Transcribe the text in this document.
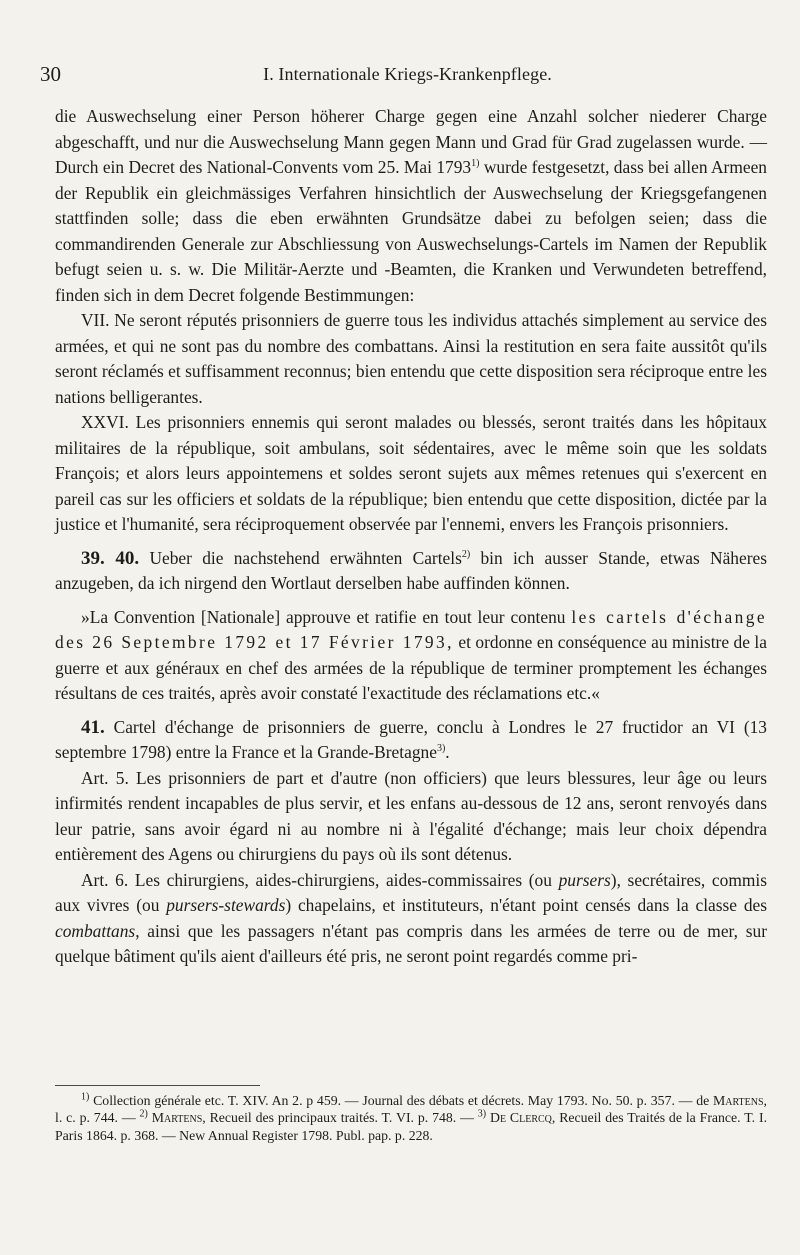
30	I. Internationale Kriegs-Krankenpflege.

die Auswechselung einer Person höherer Charge gegen eine Anzahl solcher niederer Charge abgeschafft, und nur die Auswechselung Mann gegen Mann und Grad für Grad zugelassen wurde. — Durch ein Decret des National-Convents vom 25. Mai 1793$^{1)}$ wurde festgesetzt, dass bei allen Armeen der Republik ein gleichmässiges Verfahren hinsichtlich der Auswechselung der Kriegsgefangenen stattfinden solle; dass die eben erwähnten Grundsätze dabei zu befolgen seien; dass die commandirenden Generale zur Abschliessung von Auswechselungs-Cartels im Namen der Republik befugt seien u. s. w. Die Militär-Aerzte und -Beamten, die Kranken und Verwundeten betreffend, finden sich in dem Decret folgende Bestimmungen:

VII. Ne seront réputés prisonniers de guerre tous les individus attachés simplement au service des armées, et qui ne sont pas du nombre des combattans. Ainsi la restitution en sera faite aussitôt qu'ils seront réclamés et suffisamment reconnus; bien entendu que cette disposition sera réciproque entre les nations belligerantes.

XXVI. Les prisonniers ennemis qui seront malades ou blessés, seront traités dans les hôpitaux militaires de la république, soit ambulans, soit sédentaires, avec le même soin que les soldats François; et alors leurs appointemens et soldes seront sujets aux mêmes retenues qui s'exercent en pareil cas sur les officiers et soldats de la république; bien entendu que cette disposition, dictée par la justice et l'humanité, sera réciproquement observée par l'ennemi, envers les François prisonniers.

39. 40. Ueber die nachstehend erwähnten Cartels$^{2)}$ bin ich ausser Stande, etwas Näheres anzugeben, da ich nirgend den Wortlaut derselben habe auffinden können.

»La Convention [Nationale] approuve et ratifie en tout leur contenu les cartels d'échange des 26 Septembre 1792 et 17 Février 1793, et ordonne en conséquence au ministre de la guerre et aux généraux en chef des armées de la république de terminer promptement les échanges résultans de ces traités, après avoir constaté l'exactitude des réclamations etc.«

41. Cartel d'échange de prisonniers de guerre, conclu à Londres le 27 fructidor an VI (13 septembre 1798) entre la France et la Grande-Bretagne$^{3)}$.

Art. 5. Les prisonniers de part et d'autre (non officiers) que leurs blessures, leur âge ou leurs infirmités rendent incapables de plus servir, et les enfans au-dessous de 12 ans, seront renvoyés dans leur patrie, sans avoir égard ni au nombre ni à l'égalité d'échange; mais leur choix dépendra entièrement des Agens ou chirurgiens du pays où ils sont détenus.

Art. 6. Les chirurgiens, aides-chirurgiens, aides-commissaires (ou pursers), secrétaires, commis aux vivres (ou pursers-stewards) chapelains, et instituteurs, n'étant point censés dans la classe des combattans, ainsi que les passagers n'étant pas compris dans les armées de terre ou de mer, sur quelque bâtiment qu'ils aient d'ailleurs été pris, ne seront point regardés comme pri-

$^{1)}$ Collection générale etc. T. XIV. An 2. p 459. — Journal des débats et décrets. May 1793. No. 50. p. 357. — de Martens, l. c. p. 744. — $^{2)}$ Martens, Recueil des principaux traités. T. VI. p. 748. — $^{3)}$ De Clercq, Recueil des Traités de la France. T. I. Paris 1864. p. 368. — New Annual Register 1798. Publ. pap. p. 228.
